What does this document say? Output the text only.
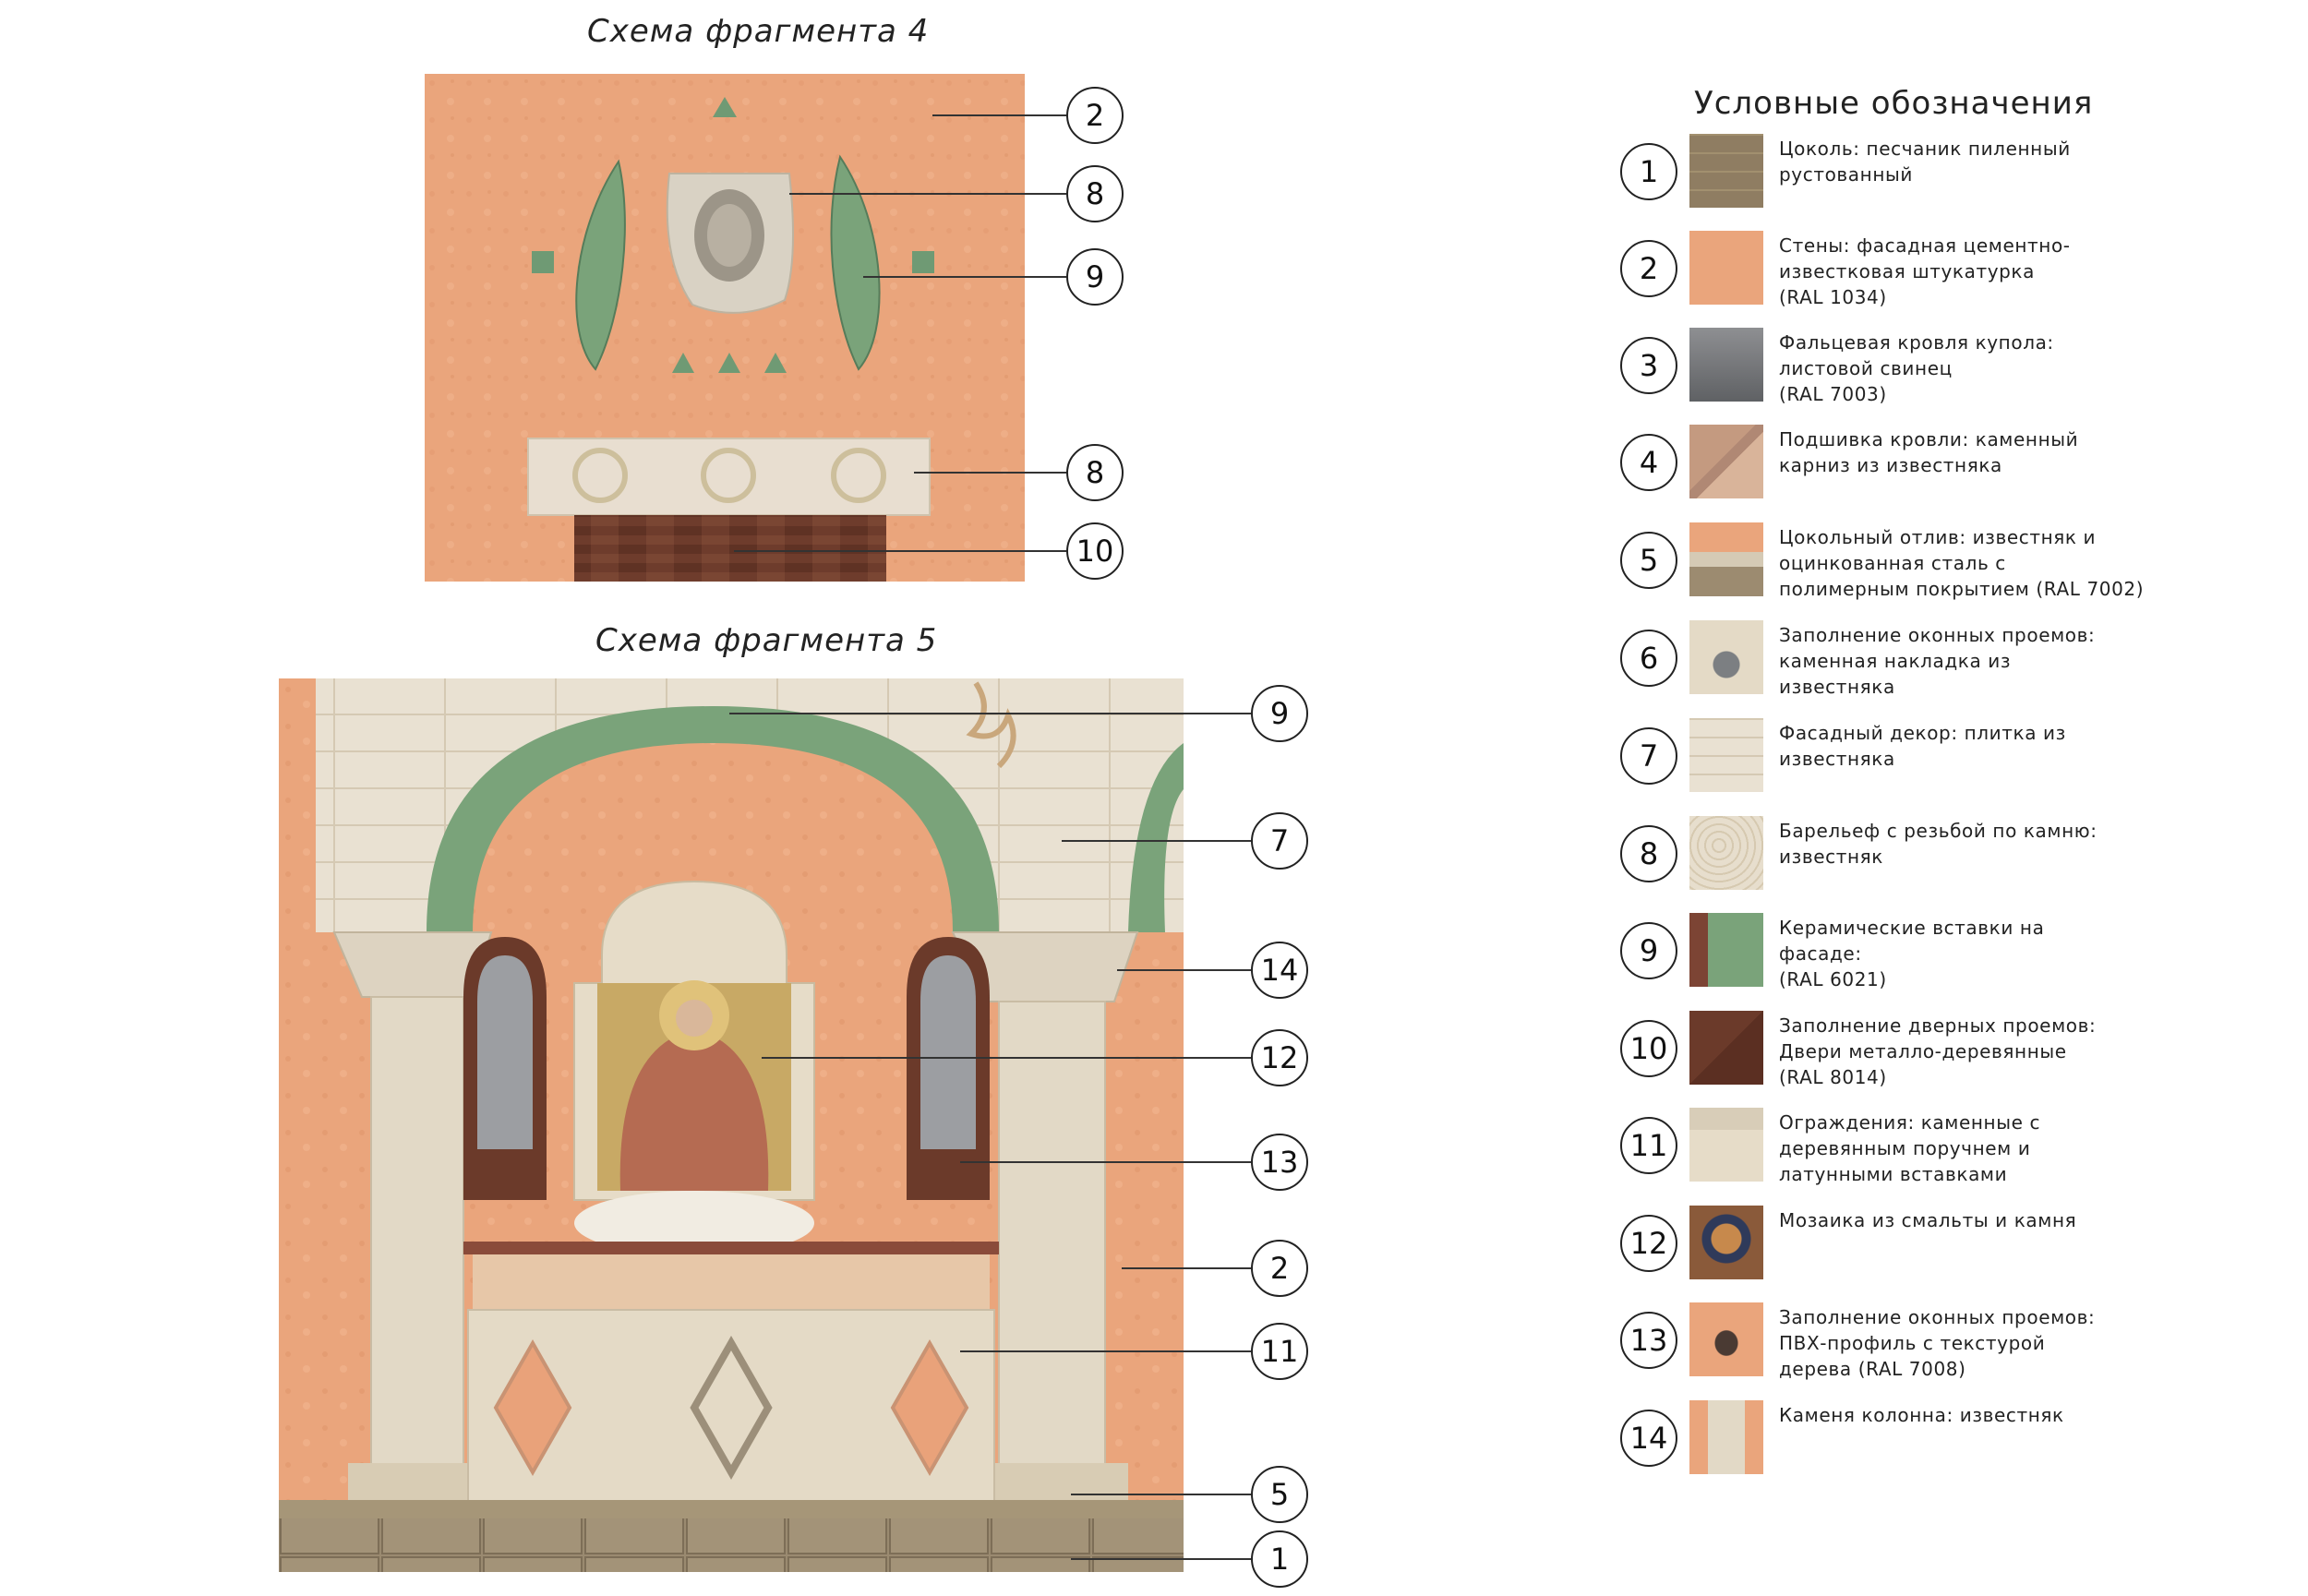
Схема фрагмента 4
2
8
9
8
10
Схема фрагмента 5
9
7
14
12
13
2
11
5
1
Условные обозначения
1
Цоколь: песчаник пиленный
рустованный
2
Стены: фасадная цементно-
известковая штукатурка
(RAL 1034)
3
Фальцевая кровля купола:
листовой свинец
(RAL 7003)
4
Подшивка кровли: каменный
карниз из известняка
5
Цокольный отлив: известняк и
оцинкованная сталь с
полимерным покрытием (RAL 7002)
6
Заполнение оконных проемов:
каменная накладка из
известняка
7
Фасадный декор: плитка из
известняка
8
Барельеф с резьбой по камню:
известняк
9
Керамические вставки на
фасаде:
(RAL 6021)
10
Заполнение дверных проемов:
Двери металло-деревянные
(RAL 8014)
11
Ограждения: каменные с
деревянным поручнем и
латунными вставками
12
Мозаика из смальты и камня
13
Заполнение оконных проемов:
ПВХ-профиль с текстурой
дерева (RAL 7008)
14
Каменя колонна: известняк
